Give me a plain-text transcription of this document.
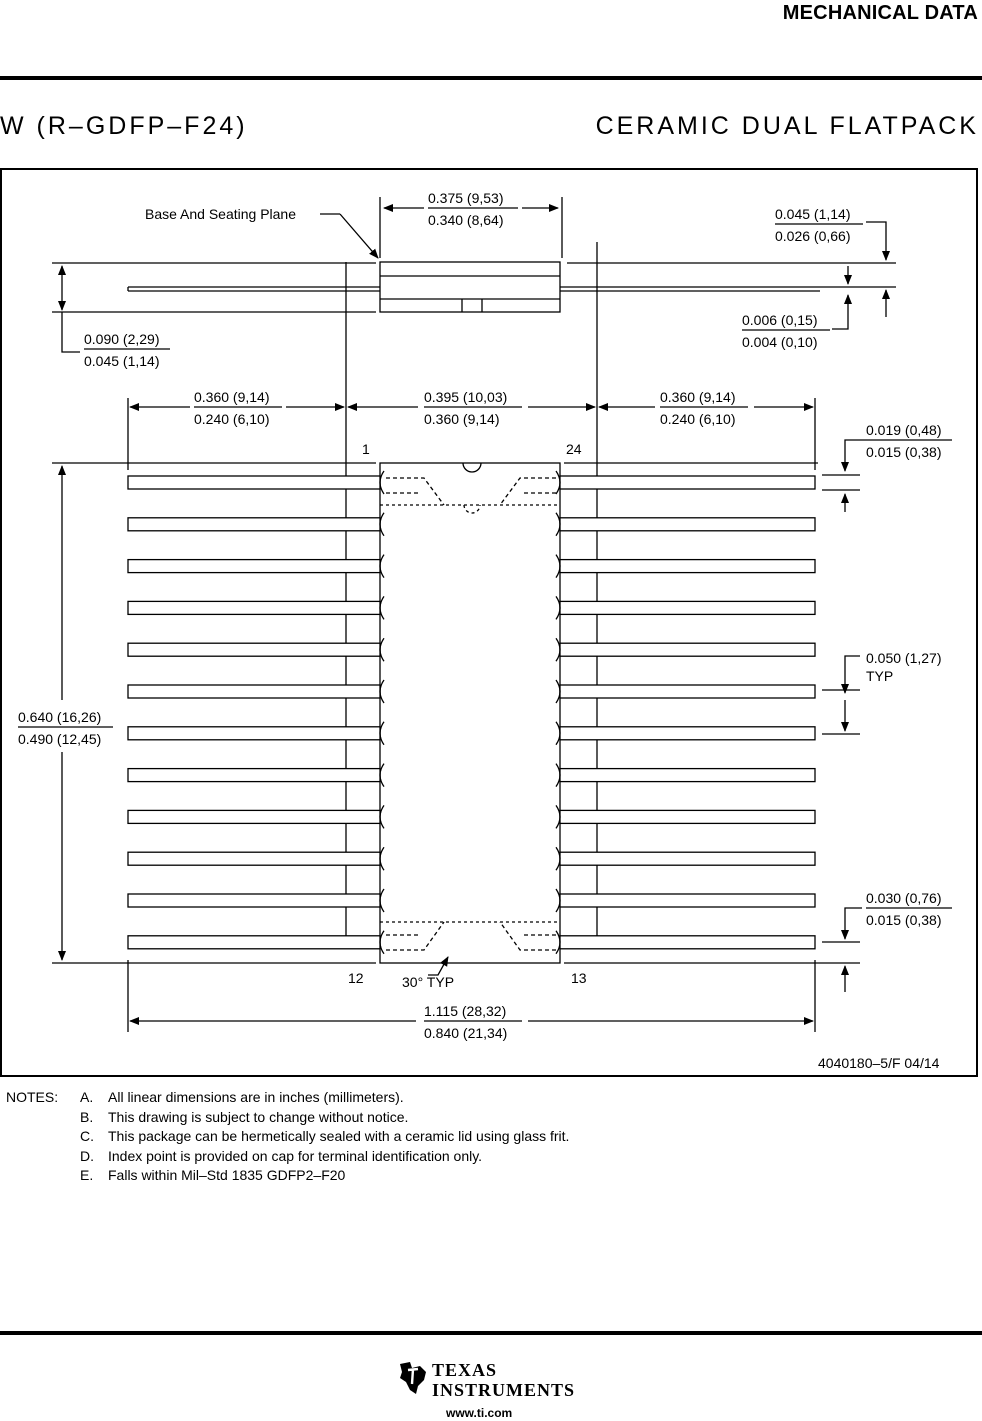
MECHANICAL DATA
W (R–GDFP–F24)	CERAMIC DUAL FLATPACK
Base And Seating Plane
0.375 (9,53)
0.340 (8,64)	0.045 (1,14)
0.026 (0,66)
0.006 (0,15)
0.004 (0,10)
0.090 (2,29)
0.045 (1,14)
0.360 (9,14)
0.240 (6,10)
0.395 (10,03)
0.360 (9,14)
0.360 (9,14)
0.240 (6,10)
0.019 (0,48)
0.015 (0,38)
0.050 (1,27)
TYP
0.640 (16,26)
0.490 (12,45)
0.030 (0,76)
0.015 (0,38)
1	24
12	13
30° TYP
1.115 (28,32)
0.840 (21,34)
4040180–5/F 04/14
NOTES:	A.	All linear dimensions are in inches (millimeters).
B.	This drawing is subject to change without notice.
C.	This package can be hermetically sealed with a ceramic lid using glass frit.
D.	Index point is provided on cap for terminal identification only.
E.	Falls within Mil–Std 1835 GDFP2–F20
TEXAS
INSTRUMENTS
www.ti.com
